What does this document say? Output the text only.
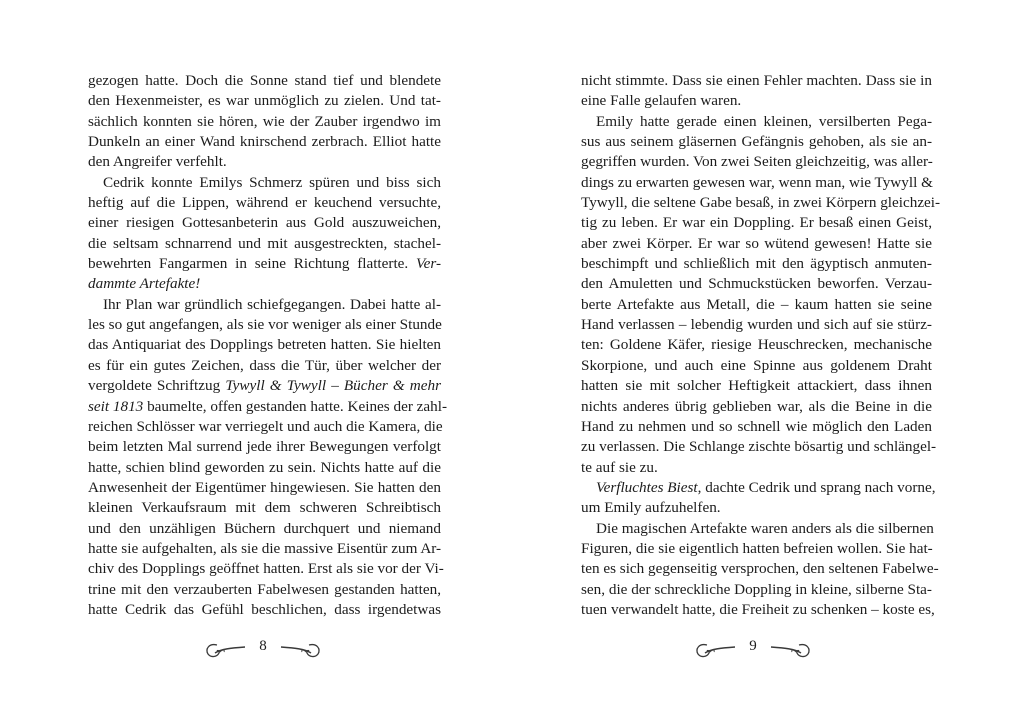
gezogen hatte. Doch die Sonne stand tief und blendete
den Hexenmeister, es war unmöglich zu zielen. Und tat-
sächlich konnten sie hören, wie der Zauber irgendwo im
Dunkeln an einer Wand knirschend zerbrach. Elliot hatte
den Angreifer verfehlt.
Cedrik konnte Emilys Schmerz spüren und biss sich
heftig auf die Lippen, während er keuchend versuchte,
einer riesigen Gottesanbeterin aus Gold auszuweichen,
die seltsam schnarrend und mit ausgestreckten, stachel-
bewehrten Fangarmen in seine Richtung flatterte. Ver-
dammte Artefakte!
Ihr Plan war gründlich schiefgegangen. Dabei hatte al-
les so gut angefangen, als sie vor weniger als einer Stunde
das Antiquariat des Dopplings betreten hatten. Sie hielten
es für ein gutes Zeichen, dass die Tür, über welcher der
vergoldete Schriftzug Tywyll & Tywyll – Bücher & mehr
seit 1813 baumelte, offen gestanden hatte. Keines der zahl-
reichen Schlösser war verriegelt und auch die Kamera, die
beim letzten Mal surrend jede ihrer Bewegungen verfolgt
hatte, schien blind geworden zu sein. Nichts hatte auf die
Anwesenheit der Eigentümer hingewiesen. Sie hatten den
kleinen Verkaufsraum mit dem schweren Schreibtisch
und den unzähligen Büchern durchquert und niemand
hatte sie aufgehalten, als sie die massive Eisentür zum Ar-
chiv des Dopplings geöffnet hatten. Erst als sie vor der Vi-
trine mit den verzauberten Fabelwesen gestanden hatten,
hatte Cedrik das Gefühl beschlichen, dass irgendetwas
8
nicht stimmte. Dass sie einen Fehler machten. Dass sie in
eine Falle gelaufen waren.
Emily hatte gerade einen kleinen, versilberten Pega-
sus aus seinem gläsernen Gefängnis gehoben, als sie an-
gegriffen wurden. Von zwei Seiten gleichzeitig, was aller-
dings zu erwarten gewesen war, wenn man, wie Tywyll &
Tywyll, die seltene Gabe besaß, in zwei Körpern gleichzei-
tig zu leben. Er war ein Doppling. Er besaß einen Geist,
aber zwei Körper. Er war so wütend gewesen! Hatte sie
beschimpft und schließlich mit den ägyptisch anmuten-
den Amuletten und Schmuckstücken beworfen. Verzau-
berte Artefakte aus Metall, die – kaum hatten sie seine
Hand verlassen – lebendig wurden und sich auf sie stürz-
ten: Goldene Käfer, riesige Heuschrecken, mechanische
Skorpione, und auch eine Spinne aus goldenem Draht
hatten sie mit solcher Heftigkeit attackiert, dass ihnen
nichts anderes übrig geblieben war, als die Beine in die
Hand zu nehmen und so schnell wie möglich den Laden
zu verlassen. Die Schlange zischte bösartig und schlängel-
te auf sie zu.
Verfluchtes Biest, dachte Cedrik und sprang nach vorne,
um Emily aufzuhelfen.
Die magischen Artefakte waren anders als die silbernen
Figuren, die sie eigentlich hatten befreien wollen. Sie hat-
ten es sich gegenseitig versprochen, den seltenen Fabelwe-
sen, die der schreckliche Doppling in kleine, silberne Sta-
tuen verwandelt hatte, die Freiheit zu schenken – koste es,
9
